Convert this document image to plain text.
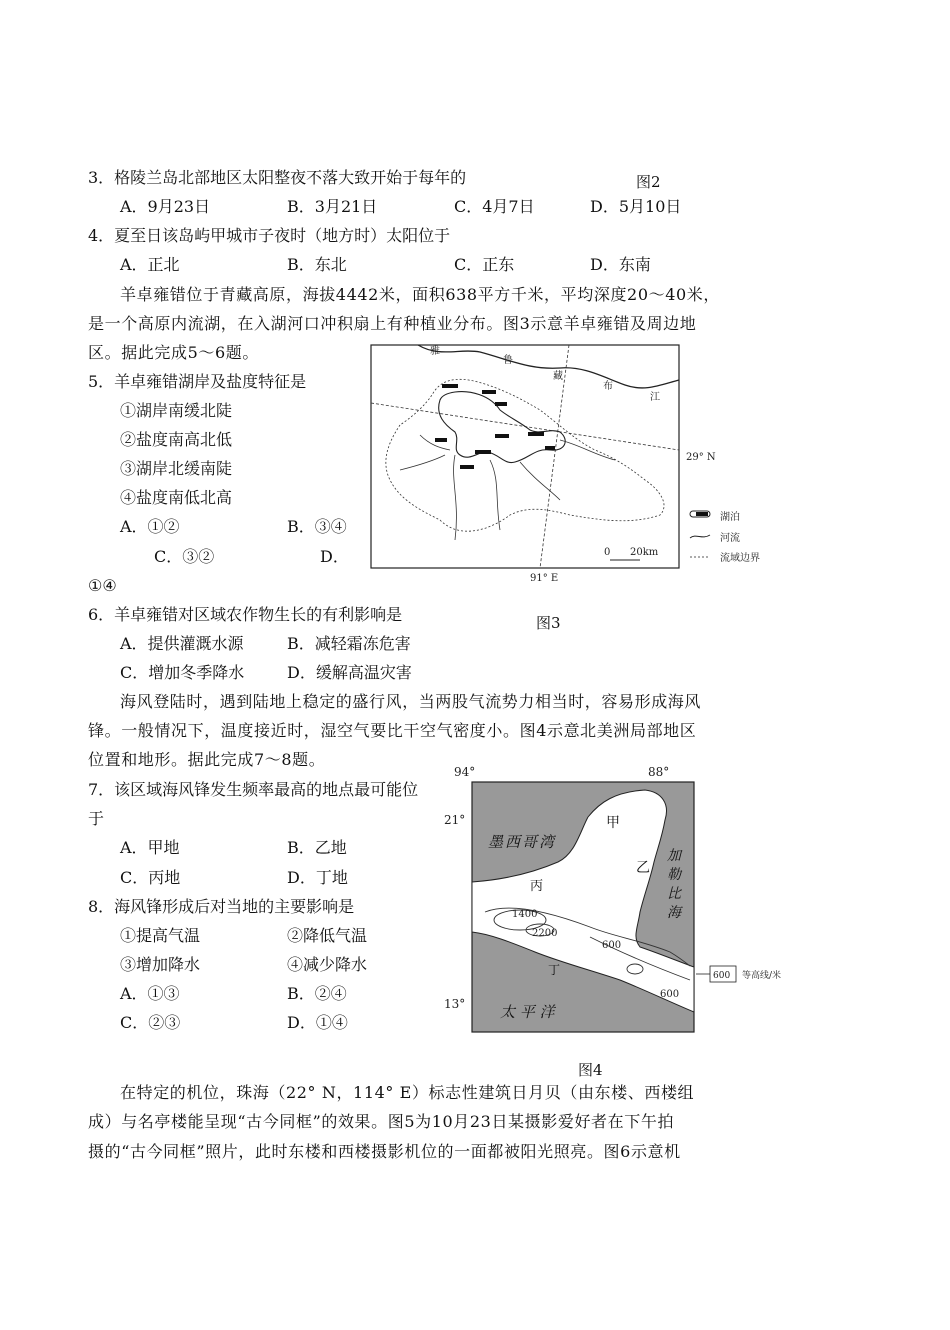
3．格陵兰岛北部地区太阳整夜不落大致开始于每年的	图2
A．9月23日	B．3月21日	C．4月7日	D．5月10日
4．夏至日该岛屿甲城市子夜时（地方时）太阳位于
A．正北	B．东北	C．正东	D．东南
羊卓雍错位于青藏高原，海拔4442米，面积638平方千米，平均深度20～40米，
是一个高原内流湖，在入湖河口冲积扇上有种植业分布。图3示意羊卓雍错及周边地
区。据此完成5～6题。
5．羊卓雍错湖岸及盐度特征是
①湖岸南缓北陡
②盐度南高北低
③湖岸北缓南陡
④盐度南低北高
A．①②	B．③④
C．③②	D．
①④
雅
鲁
藏
布
江
29° N
91° E
0 20km
湖泊
河流
流域边界
6．羊卓雍错对区域农作物生长的有利影响是	图3
A．提供灌溉水源	B．减轻霜冻危害
C．增加冬季降水	D．缓解高温灾害
海风登陆时，遇到陆地上稳定的盛行风，当两股气流势力相当时，容易形成海风
锋。一般情况下，温度接近时，湿空气要比干空气密度小。图4示意北美洲局部地区
位置和地形。据此完成7～8题。
7．该区域海风锋发生频率最高的地点最可能位
于
A．甲地	B．乙地
C．丙地	D．丁地
8．海风锋形成后对当地的主要影响是
①提高气温	②降低气温
③增加降水	④减少降水
A．①③	B．②④
C．②③	D．①④
94°	88°
21°
13°
1400
2200
600
600
墨西哥湾
太 平 洋
加
勒
比
海
甲
乙
丙
丁	600 等高线/米
图4
在特定的机位，珠海（22° N，114° E）标志性建筑日月贝（由东楼、西楼组
成）与名亭楼能呈现“古今同框”的效果。图5为10月23日某摄影爱好者在下午拍
摄的“古今同框”照片，此时东楼和西楼摄影机位的一面都被阳光照亮。图6示意机
